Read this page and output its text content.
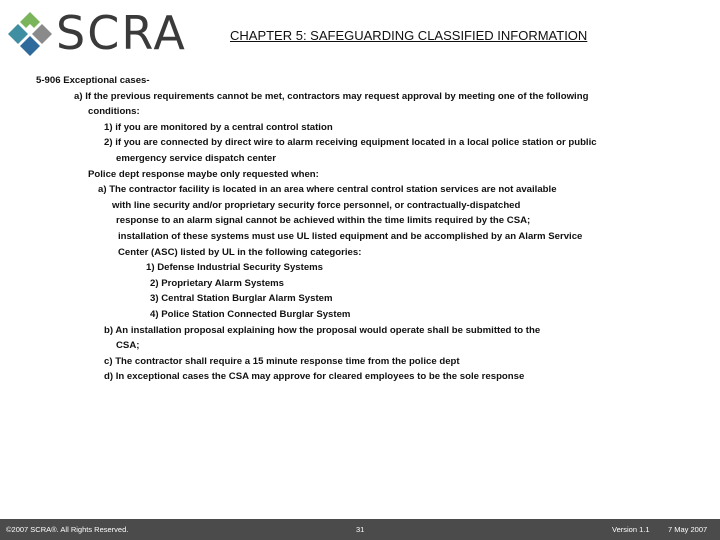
SCRA	CHAPTER 5: SAFEGUARDING CLASSIFIED INFORMATION
5-906 Exceptional cases-
a) If the previous requirements cannot be met, contractors may request approval by meeting one of the following
conditions:
1) if you are monitored by a central control station
2) if you are connected by direct wire to alarm receiving equipment located in a local police station or public
emergency service dispatch center
Police dept response maybe only requested when:
a) The contractor facility is located in an area where central control station services are not available
with line security and/or proprietary security force personnel, or contractually-dispatched
response to an alarm signal cannot be achieved within the time limits required by the CSA;
installation of these systems must use UL listed equipment and be accomplished by an Alarm Service
Center (ASC) listed by UL in the following categories:
1) Defense Industrial Security Systems
2) Proprietary Alarm Systems
3) Central Station Burglar Alarm System
4) Police Station Connected Burglar System
b) An installation proposal explaining how the proposal would operate shall be submitted to the
CSA;
c) The contractor shall require a 15 minute response time from the police dept
d) In exceptional cases the CSA may approve for cleared employees to be the sole response
©2007 SCRA®. All Rights Reserved.	31	Version 1.1 7 May 2007
